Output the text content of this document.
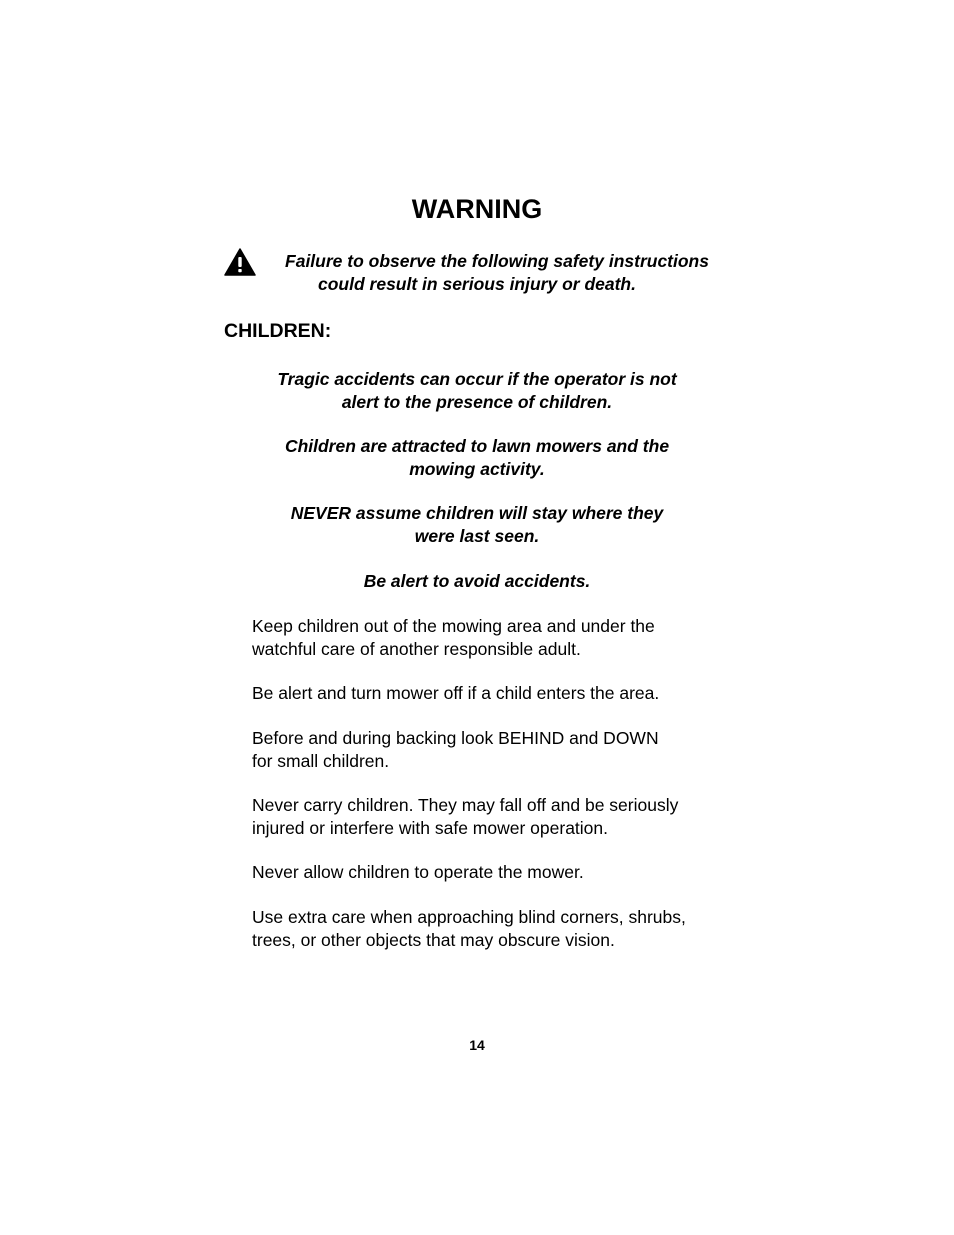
WARNING
Failure to observe the following safety instructions
could result in serious injury or death.
CHILDREN:

Tragic accidents can occur if the operator is not
alert to the presence of children.

Children are attracted to lawn mowers and the
mowing activity.

NEVER assume children will stay where they
were last seen.

Be alert to avoid accidents.

Keep children out of the mowing area and under the
watchful care of another responsible adult.

Be alert and turn mower off if a child enters the area.

Before and during backing look BEHIND and DOWN
for small children.

Never carry children. They may fall off and be seriously
injured or interfere with safe mower operation.

Never allow children to operate the mower.

Use extra care when approaching blind corners, shrubs,
trees, or other objects that may obscure vision.

14
